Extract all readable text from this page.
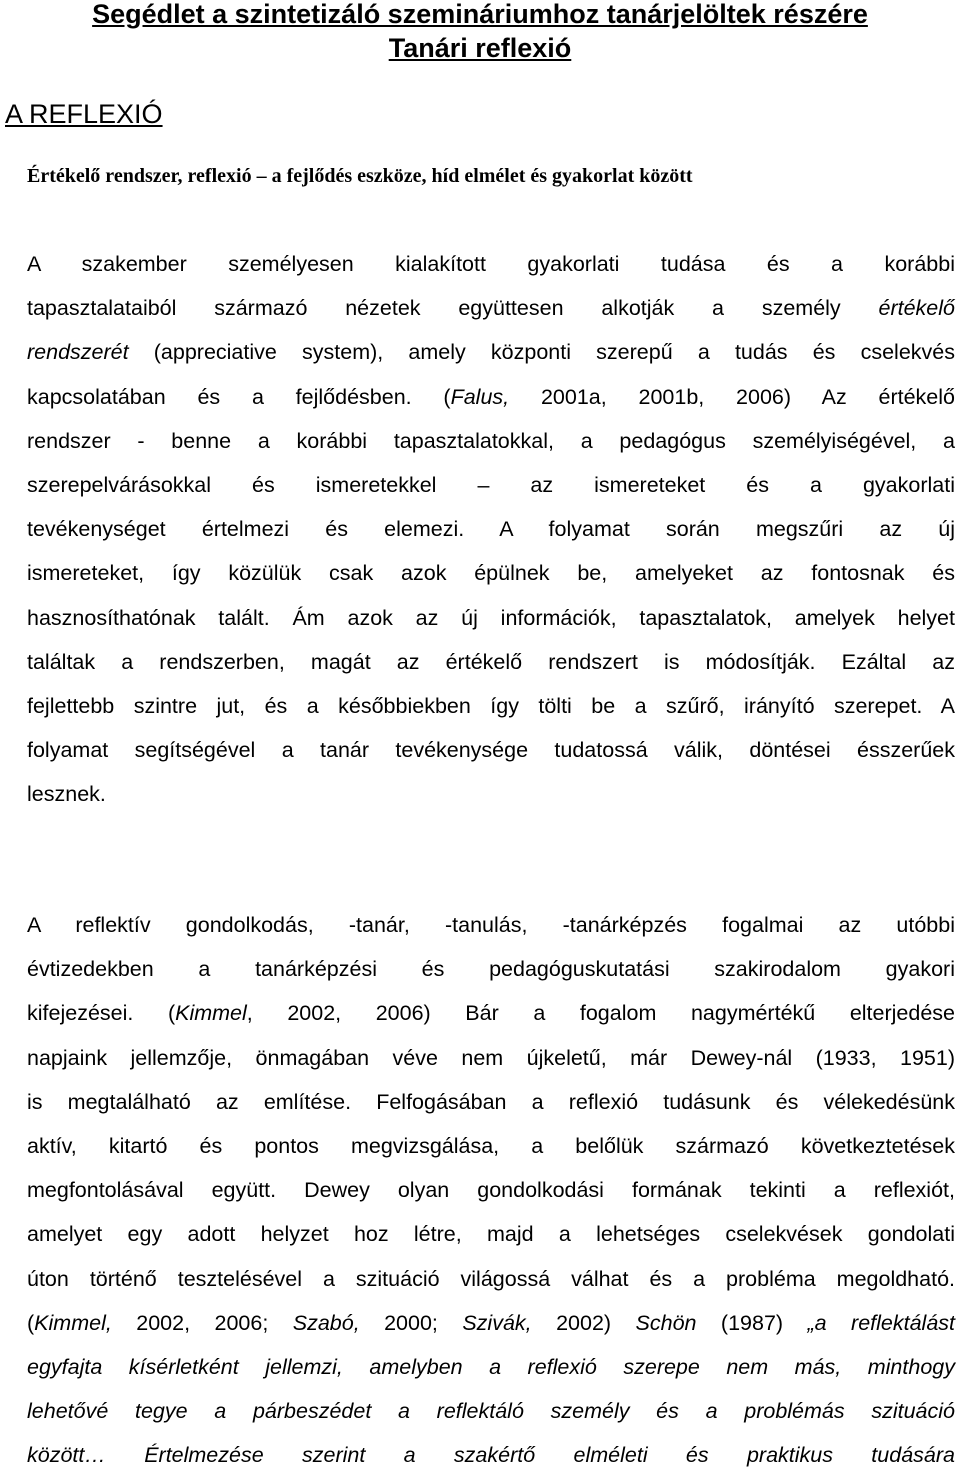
Segédlet a szintetizáló szemináriumhoz tanárjelöltek részére
Tanári reflexió
A REFLEXIÓ

Értékelő rendszer, reflexió – a fejlődés eszköze, híd elmélet és gyakorlat között

A szakember személyesen kialakított gyakorlati tudása és a korábbi
tapasztalataiból származó nézetek együttesen alkotják a személy értékelő
rendszerét (appreciative system), amely központi szerepű a tudás és cselekvés
kapcsolatában és a fejlődésben. (Falus, 2001a, 2001b, 2006) Az értékelő
rendszer - benne a korábbi tapasztalatokkal, a pedagógus személyiségével, a
szerepelvárásokkal és ismeretekkel – az ismereteket és a gyakorlati
tevékenységet értelmezi és elemezi. A folyamat során megszűri az új
ismereteket, így közülük csak azok épülnek be, amelyeket az fontosnak és
hasznosíthatónak talált. Ám azok az új információk, tapasztalatok, amelyek helyet
találtak a rendszerben, magát az értékelő rendszert is módosítják. Ezáltal az
fejlettebb szintre jut, és a későbbiekben így tölti be a szűrő, irányító szerepet. A
folyamat segítségével a tanár tevékenysége tudatossá válik, döntései ésszerűek
lesznek.
A reflektív gondolkodás, -tanár, -tanulás, -tanárképzés fogalmai az utóbbi
évtizedekben a tanárképzési és pedagóguskutatási szakirodalom gyakori
kifejezései. (Kimmel, 2002, 2006) Bár a fogalom nagymértékű elterjedése
napjaink jellemzője, önmagában véve nem újkeletű, már Dewey-nál (1933, 1951)
is megtalálható az említése. Felfogásában a reflexió tudásunk és vélekedésünk
aktív, kitartó és pontos megvizsgálása, a belőlük származó következtetések
megfontolásával együtt. Dewey olyan gondolkodási formának tekinti a reflexiót,
amelyet egy adott helyzet hoz létre, majd a lehetséges cselekvések gondolati
úton történő tesztelésével a szituáció világossá válhat és a probléma megoldható.
(Kimmel, 2002, 2006; Szabó, 2000; Szivák, 2002) Schön (1987) „a reflektálást
egyfajta kísérletként jellemzi, amelyben a reflexió szerepe nem más, minthogy
lehetővé tegye a párbeszédet a reflektáló személy és a problémás szituáció
között… Értelmezése szerint a szakértő elméleti és praktikus tudására
